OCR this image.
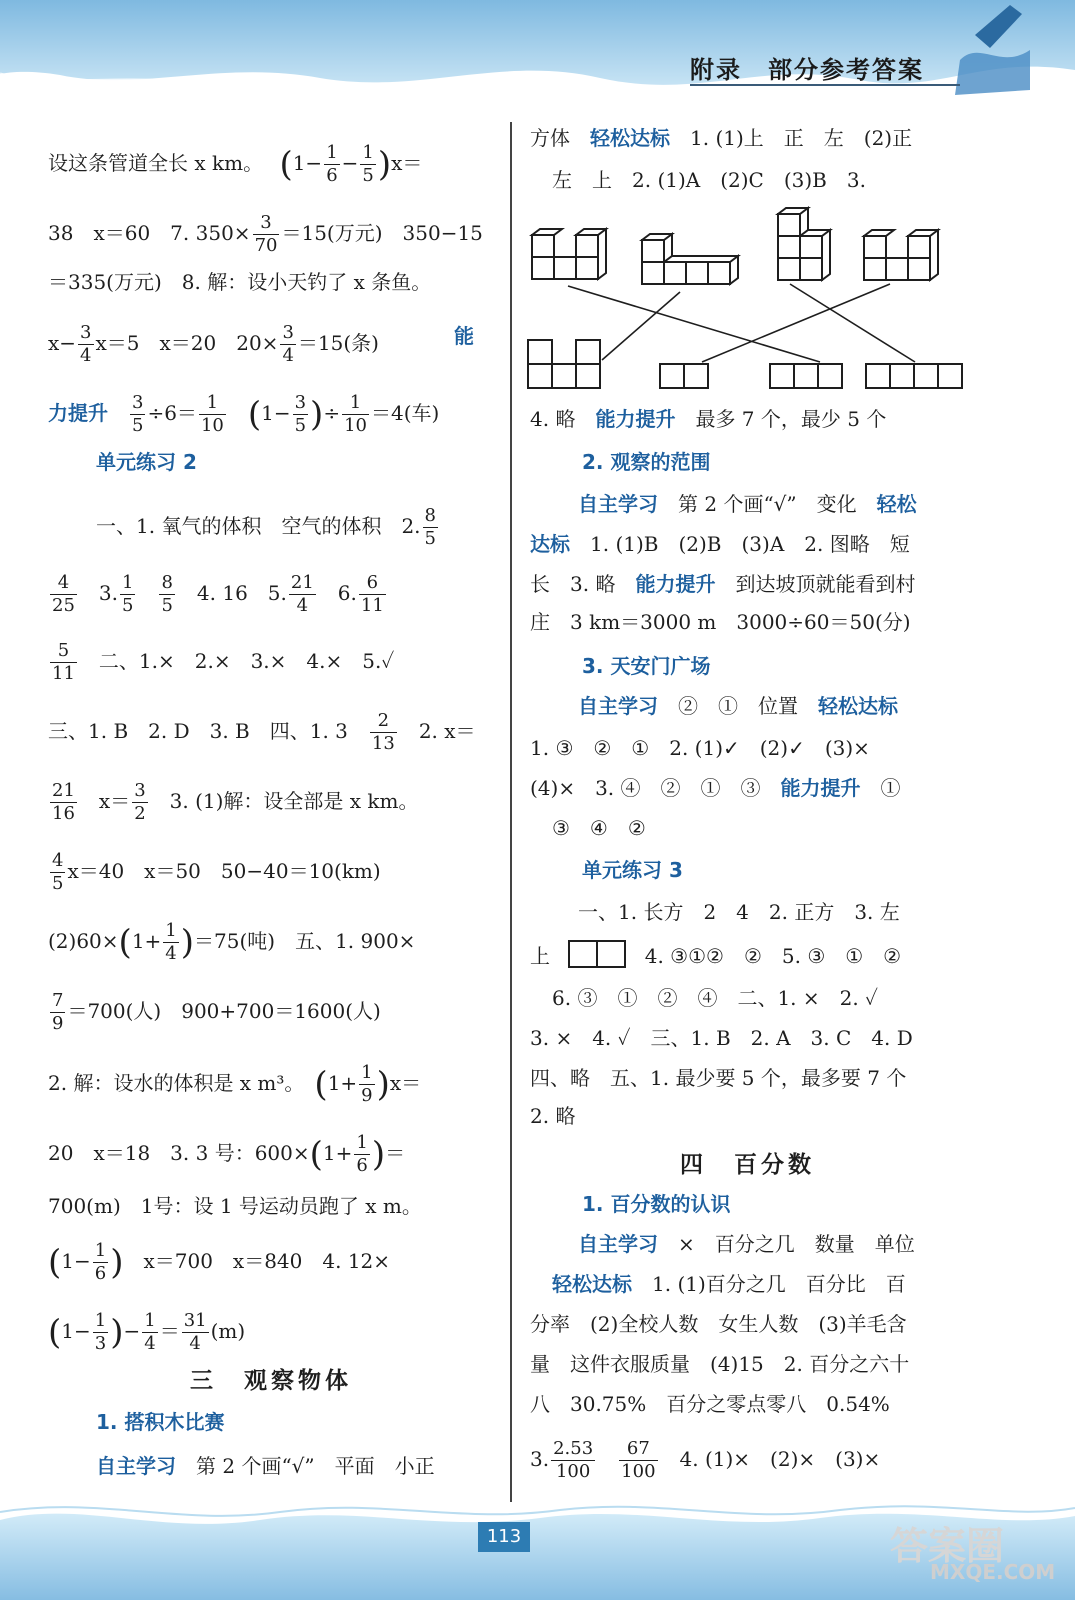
附录　部分参考答案
设这条管道全长 x km。　 $(1- \frac{1}{6} - \frac{1}{5} )x=$
38　x＝60　7. $350\times \frac{3}{70} =15$(万元)　350−15
＝335(万元)　8. 解：设小天钓了 x 条鱼。
$x- \frac{3}{4} x=5$　x＝20　$20\times \frac{3}{4} =15$(条)	能
力提升　 $\frac{3}{5} \div 6= \frac{1}{10}$
　 ($1- \frac{3}{5}$ )÷ $\frac{1}{10} =4$(车)
单元练习 2
一、1. 氧气的体积　空气的体积　2. $\frac{8}{5}$
$\frac{4}{25}$
　 3. $\frac{1}{5}$
　 $\frac{8}{5}$
　 4. 16　5. $\frac{21}{4}$
　 6. $\frac{6}{11}$
$\frac{5}{11}$
　 二、1.×　2.×　3.×　4.×　5.✓
三、1. B　2. D　3. B　四、1. 3　 $\frac{2}{13}$
　 2. x＝
$\frac{21}{16}$
　 $x= \frac{3}{2}$
　 3. (1)解：设全部是 x km。
$\frac{4}{5} x=40$　x＝50　50−40＝10(km)
$(2)60\times(1+ \frac{1}{4} )=75$(吨)　五、1. 900×
$\frac{7}{9} =700$(人)　900+700＝1600(人)
2. 解：设水的体积是 x m³。　 $(1+ \frac{1}{9} )x=$
20　x＝18　3. 3 号：$600\times(1+ \frac{1}{6}$ )＝
700(m)　1号：设 1 号运动员跑了 x m。
($1- \frac{1}{6}$ )　 x＝700　x＝840　4. 12×
($1- \frac{1}{3}$ )− $\frac{1}{4} = \frac{31}{4} (m)$
三　观察物体
1. 搭积木比赛
自主学习　 第 2 个画“√”　平面　小正
方体　 轻松达标　 1. (1)上　正　左　(2)正
左　上　2. (1)A　(2)C　(3)B　3.
4. 略　 能力提升　 最多 7 个，最少 5 个
2. 观察的范围
自主学习　 第 2 个画“√”　变化　 轻松
达标　 1. (1)B　(2)B　(3)A　2. 图略　短
长　3. 略　 能力提升　 到达坡顶就能看到村
庄　3 km＝3000 m　3000÷60＝50(分)
3. 天安门广场
自主学习　 ②　①　位置　 轻松达标
1. ③　②　①　2. (1)✓　(2)✓　(3)×
(4)×　3. ④　②　①　③　 能力提升　 ①
③　④　②
单元练习 3
一、1. 长方　2　4　2. 正方　3. 左
上	4. ③①②　②　5. ③　①　②
6. ③　①　②　④　二、1. ×　2. ✓
3. ×　4. ✓　三、1. B　2. A　3. C　4. D
四、略　五、1. 最少要 5 个，最多要 7 个
2. 略
四　百分数
1. 百分数的认识
自主学习　 ×　百分之几　数量　单位
轻松达标　 1. (1)百分之几　百分比　百
分率　(2)全校人数　女生人数　(3)羊毛含
量　这件衣服质量　(4)15　2. 百分之六十
八　30.75%　百分之零点零八　0.54%
3. $\frac{2.53}{100}$
　 $\frac{67}{100}$
　 4. (1)×　(2)×　(3)×
113	答案圈
MXQE.COM
